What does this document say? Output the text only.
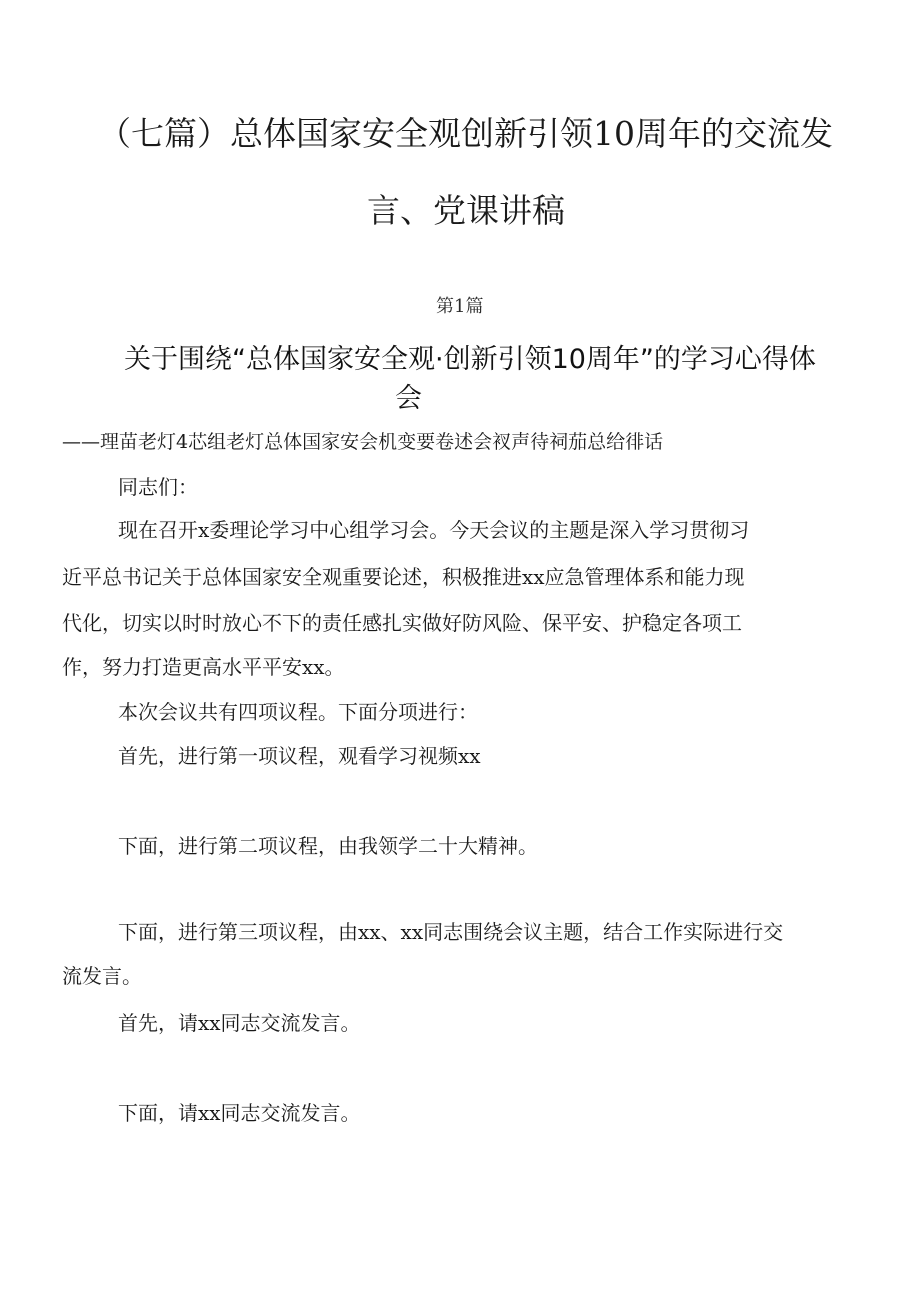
（七篇）总体国家安全观创新引领10周年的交流发
言、党课讲稿
第1篇
关于围绕“总体国家安全观·创新引领10周年”的学习心得体
会
——理苗老灯4芯组老灯总体国家安会机变要卷述会衩声待祠茄总给徘话
同志们：
现在召开x委理论学习中心组学习会。今天会议的主题是深入学习贯彻习
近平总书记关于总体国家安全观重要论述，积极推进xx应急管理体系和能力现
代化，切实以时时放心不下的责任感扎实做好防风险、保平安、护稳定各项工
作，努力打造更高水平平安xx。
本次会议共有四项议程。下面分项进行：
首先，进行第一项议程，观看学习视频xx
下面，进行第二项议程，由我领学二十大精神。
下面，进行第三项议程，由xx、xx同志围绕会议主题，结合工作实际进行交
流发言。
首先，请xx同志交流发言。
下面，请xx同志交流发言。
